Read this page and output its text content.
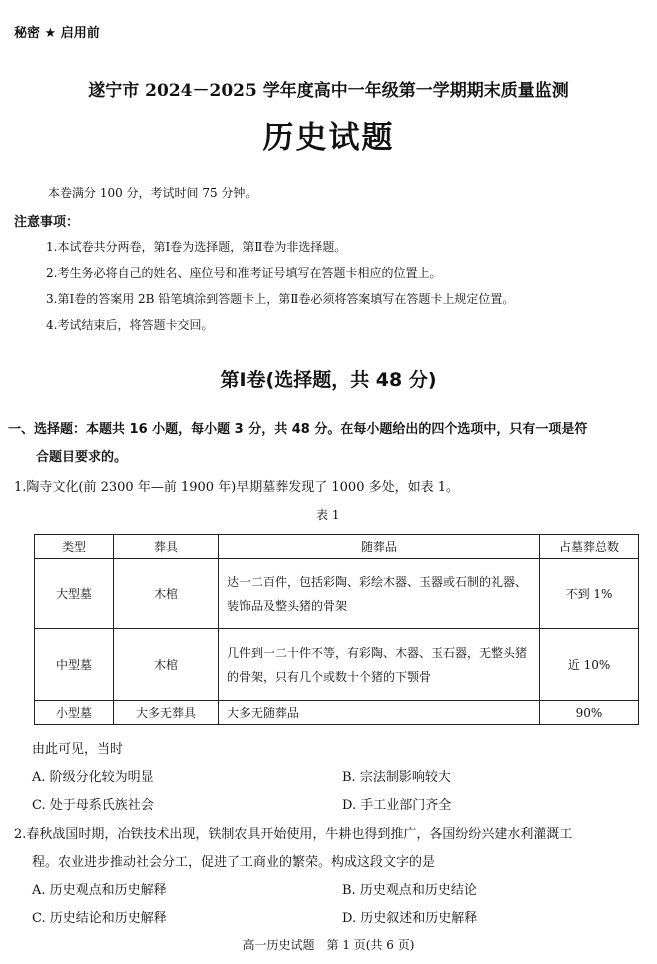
秘密 ★ 启用前
遂宁市 2024－2025 学年度高中一年级第一学期期末质量监测
历史试题
本卷满分 100 分，考试时间 75 分钟。
注意事项：
1.本试卷共分两卷，第Ⅰ卷为选择题，第Ⅱ卷为非选择题。
2.考生务必将自己的姓名、座位号和准考证号填写在答题卡相应的位置上。
3.第Ⅰ卷的答案用 2B 铅笔填涂到答题卡上，第Ⅱ卷必须将答案填写在答题卡上规定位置。
4.考试结束后，将答题卡交回。
第Ⅰ卷(选择题，共 48 分)
一、选择题：本题共 16 小题，每小题 3 分，共 48 分。在每小题给出的四个选项中，只有一项是符
合题目要求的。
1.陶寺文化(前 2300 年—前 1900 年)早期墓葬发现了 1000 多处，如表 1。
表 1
类型	葬具	随葬品	占墓葬总数
大型墓	木棺	达一二百件，包括彩陶、彩绘木器、玉器或石制的礼器、装饰品及整头猪的骨架	不到 1%
中型墓	木棺	几件到一二十件不等，有彩陶、木器、玉石器，无整头猪的骨架，只有几个或数十个猪的下颚骨	近 10%
小型墓	大多无葬具	大多无随葬品	90%
由此可见，当时
A. 阶级分化较为明显	B. 宗法制影响较大
C. 处于母系氏族社会	D. 手工业部门齐全
2.春秋战国时期，冶铁技术出现，铁制农具开始使用，牛耕也得到推广，各国纷纷兴建水利灌溉工
程。农业进步推动社会分工，促进了工商业的繁荣。构成这段文字的是
A. 历史观点和历史解释	B. 历史观点和历史结论
C. 历史结论和历史解释	D. 历史叙述和历史解释
高一历史试题　第 1 页(共 6 页)
